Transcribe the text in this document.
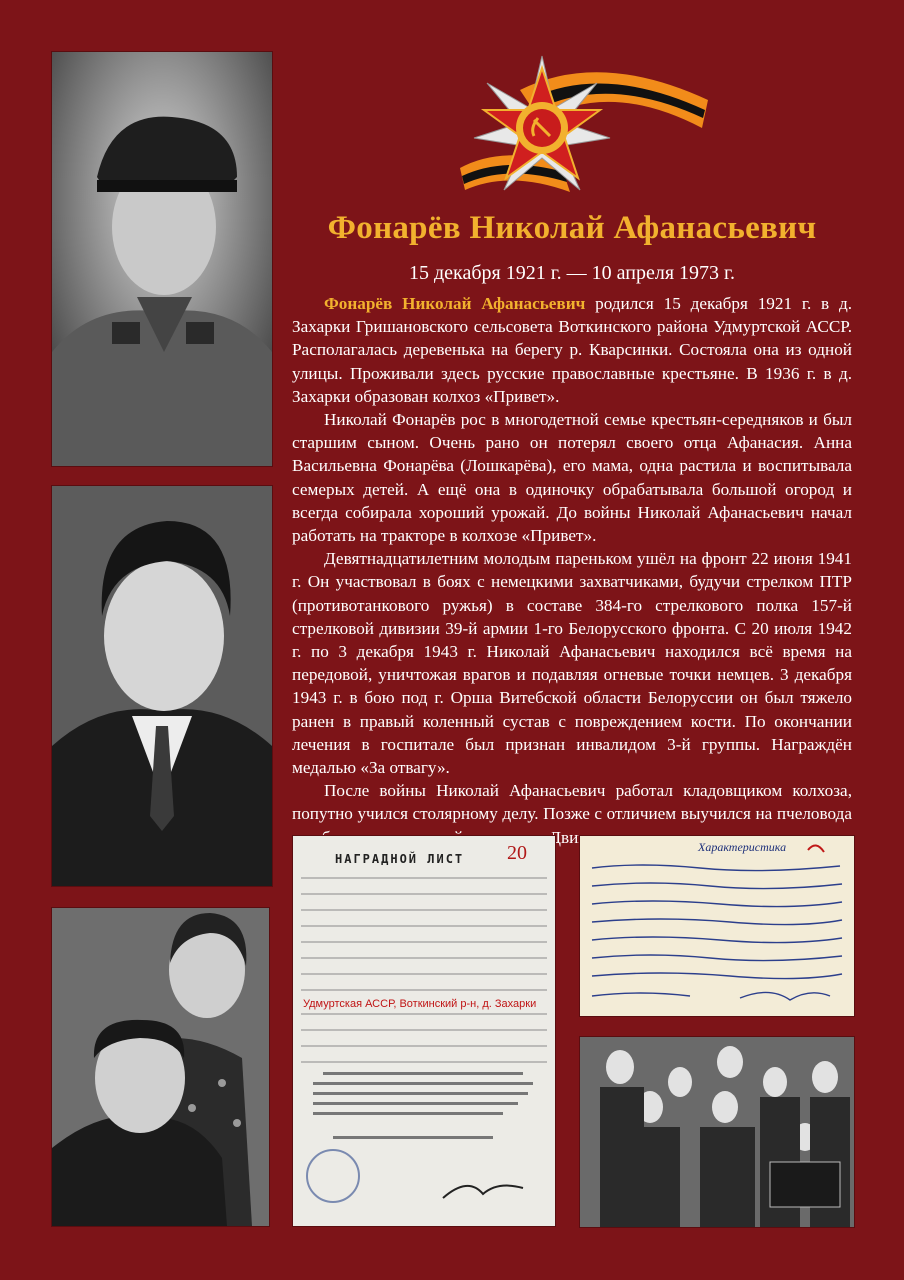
Фонарёв Николай Афанасьевич
15 декабря 1921 г. — 10 апреля 1973 г.

Фонарёв Николай Афанасьевич родился 15 декабря 1921 г. в д. Захарки Гришановского сельсовета Воткинского района Удмуртской АССР. Располагалась деревенька на берегу р. Кварсинки. Состояла она из одной улицы. Проживали здесь русские православные крестьяне. В 1936 г. в д. Захарки образован колхоз «Привет».

Николай Фонарёв рос в многодетной семье крестьян-середняков и был старшим сыном. Очень рано он потерял своего отца Афанасия. Анна Васильевна Фонарёва (Лошкарёва), его мама, одна растила и воспитывала семерых детей. А ещё она в одиночку обрабатывала большой огород и всегда собирала хороший урожай. До войны Николай Афанасьевич начал работать на тракторе в колхозе «Привет».

Девятнадцатилетним молодым пареньком ушёл на фронт 22 июня 1941 г. Он участвовал в боях с немецкими захватчиками, будучи стрелком ПТР (противотанкового ружья) в составе 384-го стрелкового полка 157-й стрелковой дивизии 39-й армии 1-го Белорусского фронта. С 20 июля 1942 г. по 3 декабря 1943 г. Николай Афанасьевич находился всё время на передовой, уничтожая врагов и подавляя огневые точки немцев. 3 декабря 1943 г. в бою под г. Орша Витебской области Белоруссии он был тяжело ранен в правый коленный сустав с повреждением кости. По окончании лечения в госпитале был признан инвалидом 3-й группы. Награждён медалью «За отвагу».

После войны Николай Афанасьевич работал кладовщиком колхоза, попутно учился столярному делу. Позже с отличием выучился на пчеловода

НАГРАДНОЙ ЛИСТ 20
Удмуртская АССР, Воткинский р-н, д. Захарки
Характеристика
